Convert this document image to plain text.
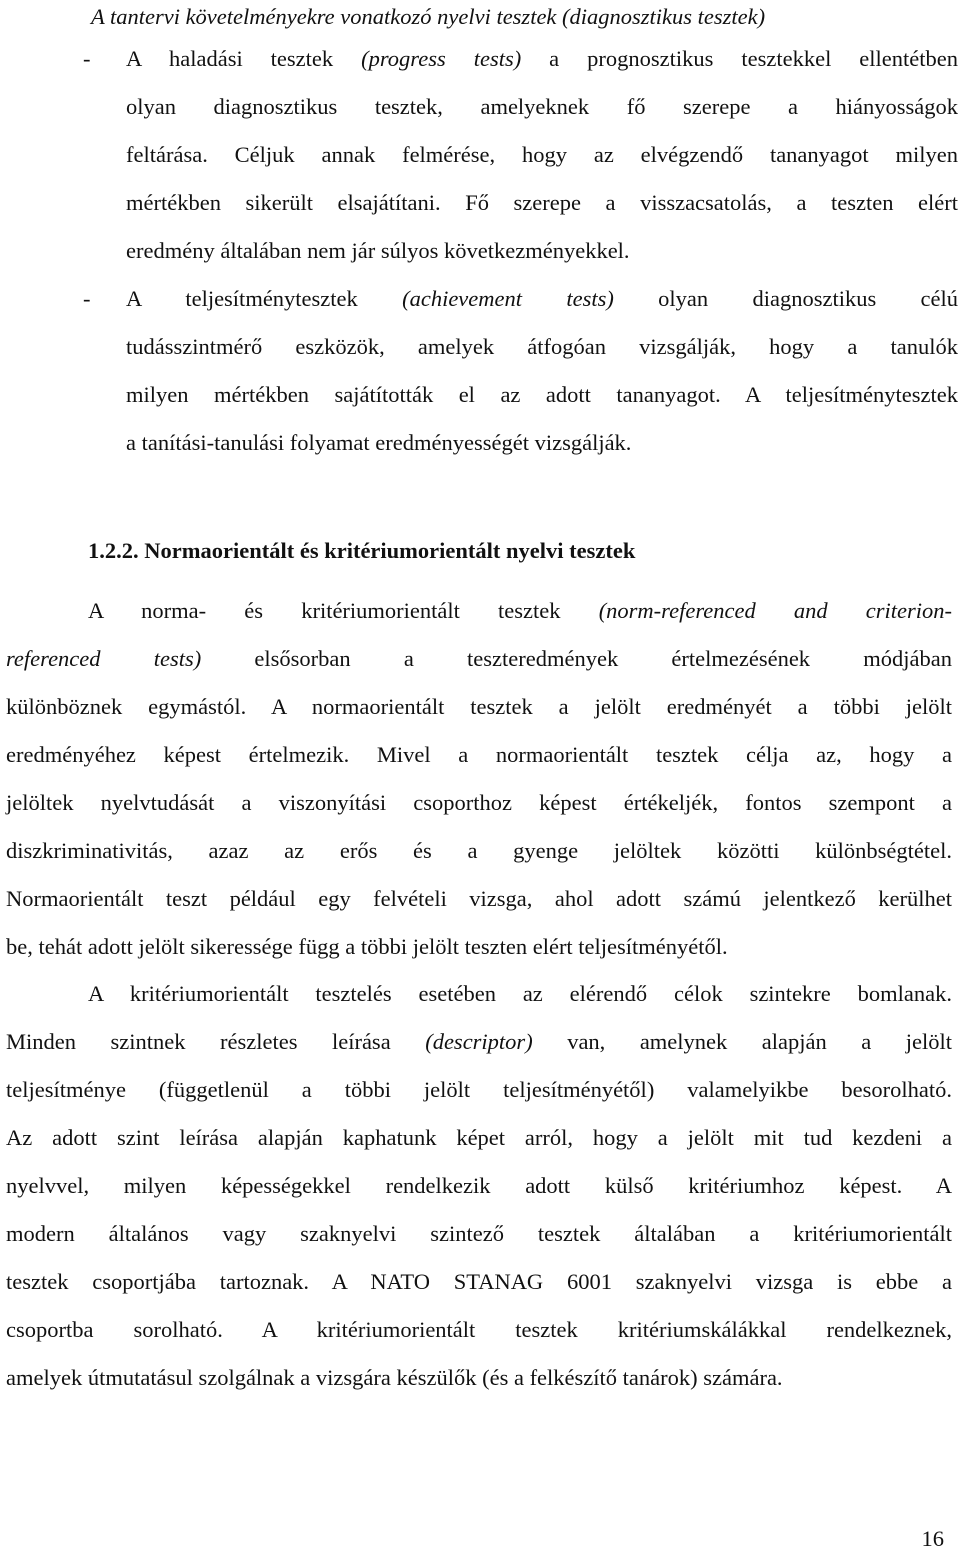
A tantervi követelményekre vonatkozó nyelvi tesztek (diagnosztikus tesztek)
- A haladási tesztek (progress tests) a prognosztikus tesztekkel ellentétben
olyan diagnosztikus tesztek, amelyeknek fő szerepe a hiányosságok
feltárása. Céljuk annak felmérése, hogy az elvégzendő tananyagot milyen
mértékben sikerült elsajátítani. Fő szerepe a visszacsatolás, a teszten elért
eredmény általában nem jár súlyos következményekkel.
- A teljesítménytesztek (achievement tests) olyan diagnosztikus célú
tudásszintmérő eszközök, amelyek átfogóan vizsgálják, hogy a tanulók
milyen mértékben sajátították el az adott tananyagot. A teljesítménytesztek
a tanítási-tanulási folyamat eredményességét vizsgálják.
1.2.2. Normaorientált és kritériumorientált nyelvi tesztek
A norma- és kritériumorientált tesztek (norm-referenced and criterion-
referenced tests) elsősorban a teszteredmények értelmezésének módjában
különböznek egymástól. A normaorientált tesztek a jelölt eredményét a többi jelölt
eredményéhez képest értelmezik. Mivel a normaorientált tesztek célja az, hogy a
jelöltek nyelvtudását a viszonyítási csoporthoz képest értékeljék, fontos szempont a
diszkriminativitás, azaz az erős és a gyenge jelöltek közötti különbségtétel.
Normaorientált teszt például egy felvételi vizsga, ahol adott számú jelentkező kerülhet
be, tehát adott jelölt sikeressége függ a többi jelölt teszten elért teljesítményétől.
A kritériumorientált tesztelés esetében az elérendő célok szintekre bomlanak.
Minden szintnek részletes leírása (descriptor) van, amelynek alapján a jelölt
teljesítménye (függetlenül a többi jelölt teljesítményétől) valamelyikbe besorolható.
Az adott szint leírása alapján kaphatunk képet arról, hogy a jelölt mit tud kezdeni a
nyelvvel, milyen képességekkel rendelkezik adott külső kritériumhoz képest. A
modern általános vagy szaknyelvi szintező tesztek általában a kritériumorientált
tesztek csoportjába tartoznak. A NATO STANAG 6001 szaknyelvi vizsga is ebbe a
csoportba sorolható. A kritériumorientált tesztek kritériumskálákkal rendelkeznek,
amelyek útmutatásul szolgálnak a vizsgára készülők (és a felkészítő tanárok) számára.
16
